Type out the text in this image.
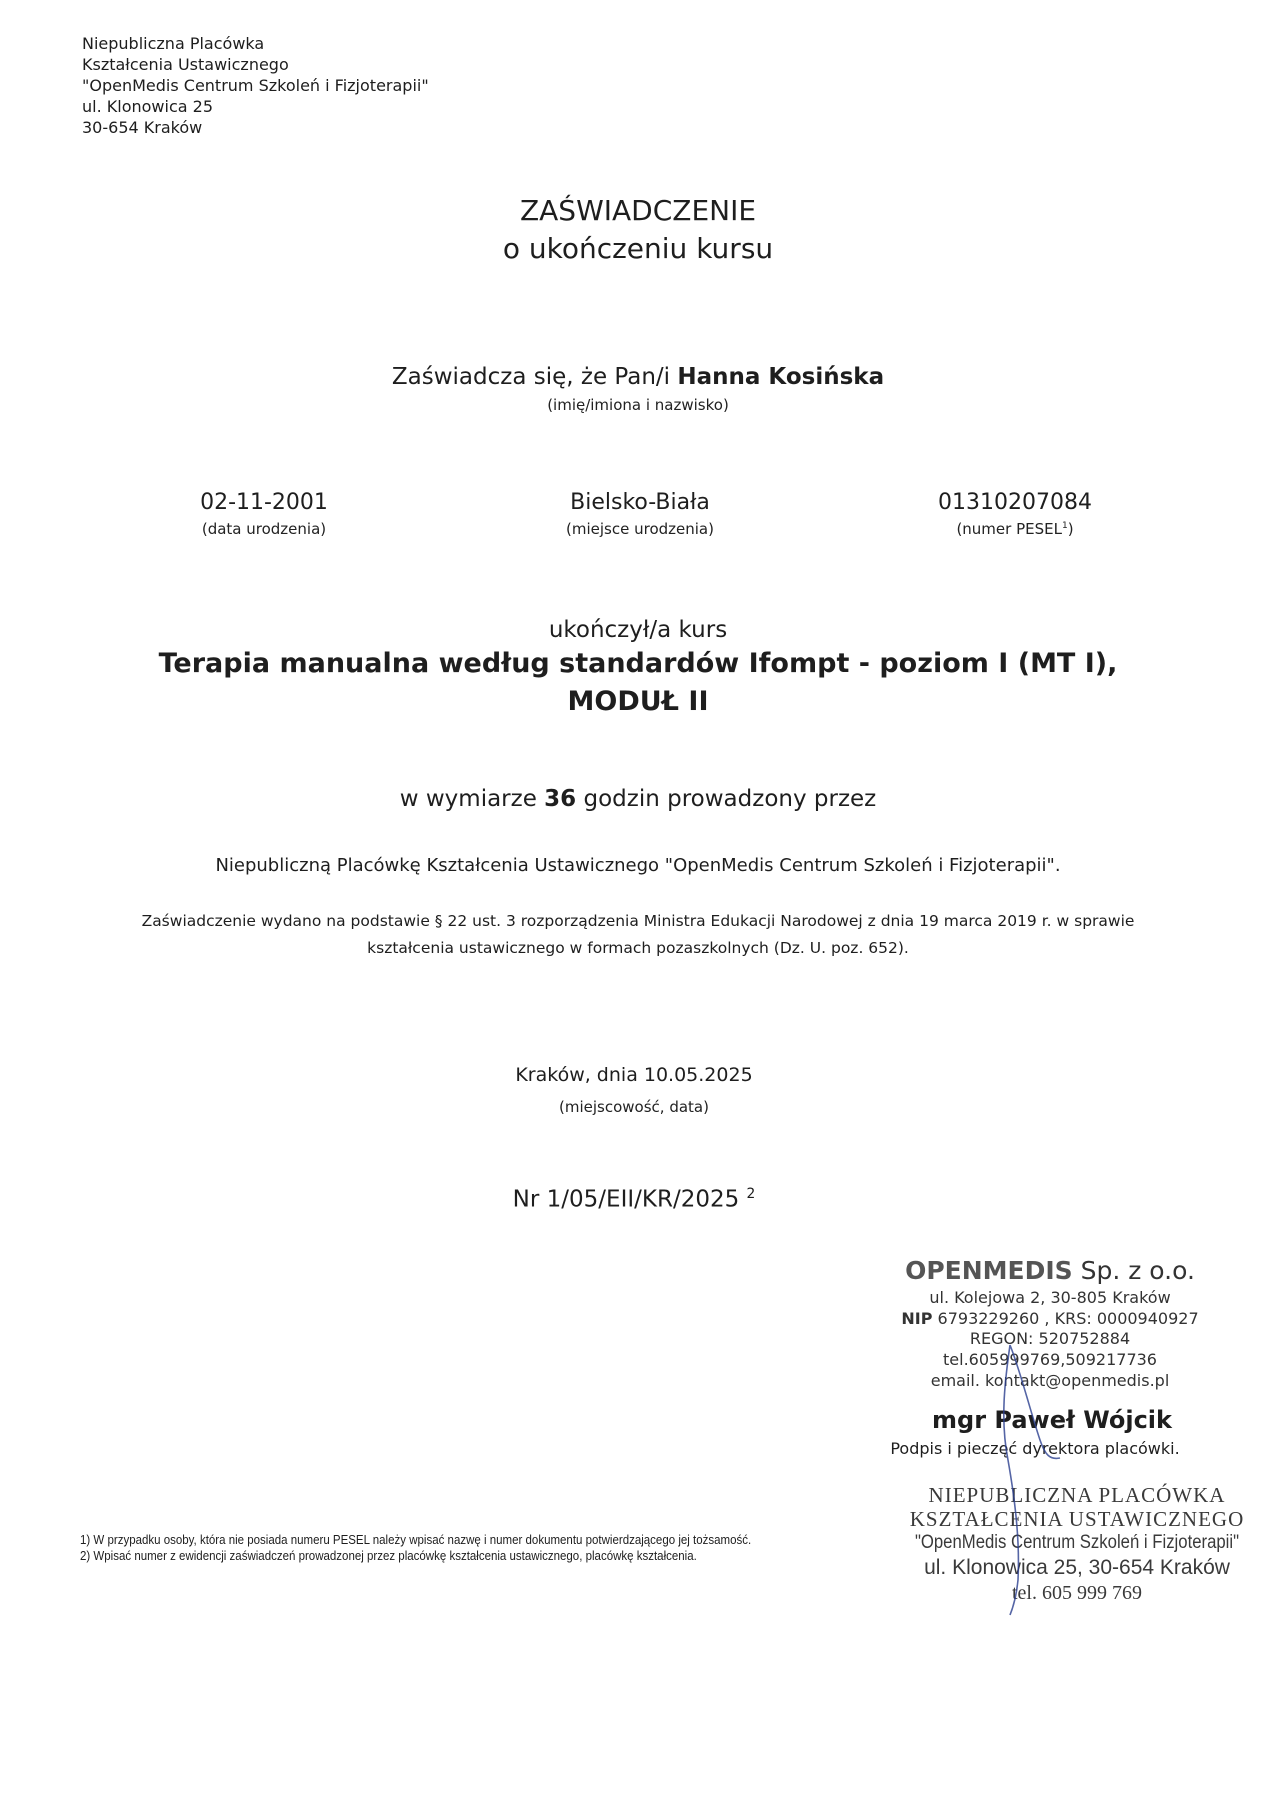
Niepubliczna Placówka
Kształcenia Ustawicznego
"OpenMedis Centrum Szkoleń i Fizjoterapii"
ul. Klonowica 25
30-654 Kraków
ZAŚWIADCZENIE
o ukończeniu kursu
Zaświadcza się, że Pan/i Hanna Kosińska
(imię/imiona i nazwisko)
02-11-2001
(data urodzenia)
Bielsko-Biała
(miejsce urodzenia)
01310207084
(numer PESEL$^1$)
ukończył/a kurs
Terapia manualna według standardów Ifompt - poziom I (MT I),
MODUŁ II
w wymiarze 36 godzin prowadzony przez
Niepubliczną Placówkę Kształcenia Ustawicznego "OpenMedis Centrum Szkoleń i Fizjoterapii".
Zaświadczenie wydano na podstawie § 22 ust. 3 rozporządzenia Ministra Edukacji Narodowej z dnia 19 marca 2019 r. w sprawie
kształcenia ustawicznego w formach pozaszkolnych (Dz. U. poz. 652).
Kraków, dnia 10.05.2025
(miejscowość, data)
Nr 1/05/EII/KR/2025 $^2$
OPENMEDIS Sp. z o.o.
ul. Kolejowa 2, 30-805 Kraków
NIP 6793229260 , KRS: 0000940927
REGON: 520752884
tel.605999769,509217736
email. kontakt@openmedis.pl
mgr Paweł Wójcik
Podpis i pieczęć dyrektora placówki.
NIEPUBLICZNA PLACÓWKA
KSZTAŁCENIA USTAWICZNEGO
"OpenMedis Centrum Szkoleń i Fizjoterapii"
ul. Klonowica 25, 30-654 Kraków
tel. 605 999 769
1) W przypadku osoby, która nie posiada numeru PESEL należy wpisać nazwę i numer dokumentu potwierdzającego jej tożsamość.
2) Wpisać numer z ewidencji zaświadczeń prowadzonej przez placówkę kształcenia ustawicznego, placówkę kształcenia.
